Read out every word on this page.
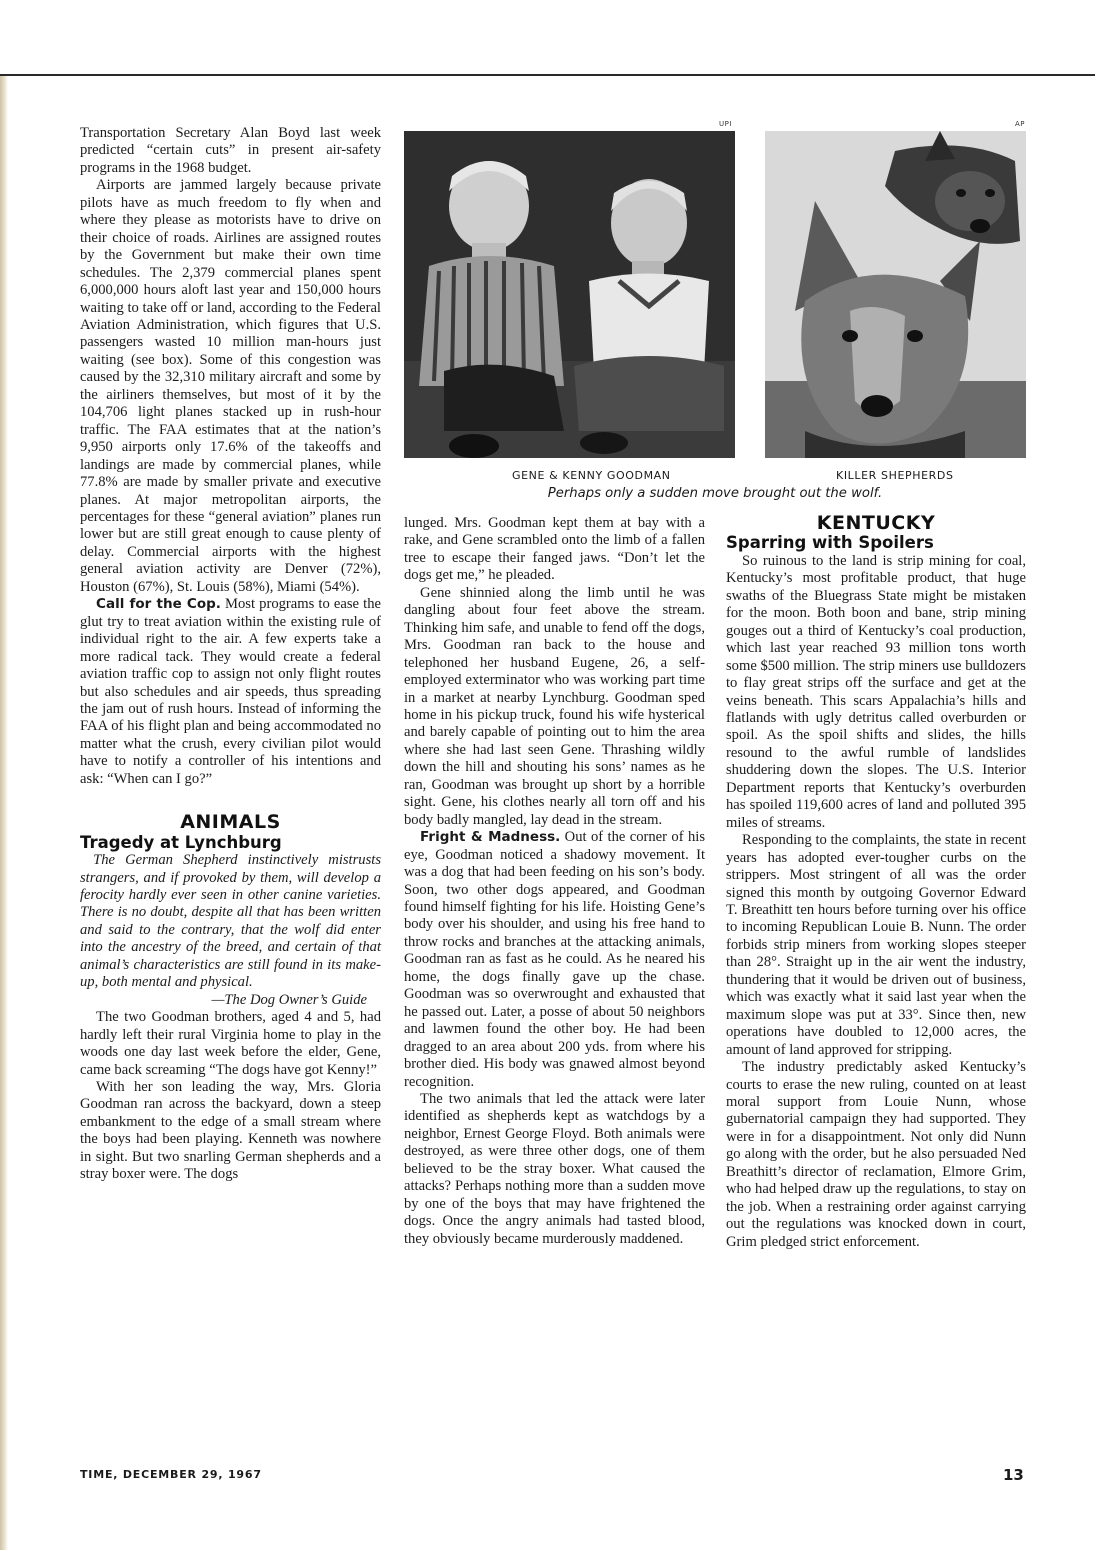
Transportation Secretary Alan Boyd last week predicted “certain cuts” in present air-safety programs in the 1968 budget.

Airports are jammed largely because private pilots have as much freedom to fly when and where they please as motorists have to drive on their choice of roads. Airlines are assigned routes by the Government but make their own time schedules. The 2,379 commercial planes spent 6,000,000 hours aloft last year and 150,000 hours waiting to take off or land, according to the Federal Aviation Administration, which figures that U.S. passengers wasted 10 million man-hours just waiting (see box). Some of this congestion was caused by the 32,310 military aircraft and some by the airliners themselves, but most of it by the 104,706 light planes stacked up in rush-hour traffic. The FAA estimates that at the nation’s 9,950 airports only 17.6% of the takeoffs and landings are made by commercial planes, while 77.8% are made by smaller private and executive planes. At major metropolitan airports, the percentages for these “general aviation” planes run lower but are still great enough to cause plenty of delay. Commercial airports with the highest general aviation activity are Denver (72%), Houston (67%), St. Louis (58%), Miami (54%).

Call for the Cop. Most programs to ease the glut try to treat aviation within the existing rule of individual right to the air. A few experts take a more radical tack. They would create a federal aviation traffic cop to assign not only flight routes but also schedules and air speeds, thus spreading the jam out of rush hours. Instead of informing the FAA of his flight plan and being accommodated no matter what the crush, every civilian pilot would have to notify a controller of his intentions and ask: “When can I go?”

ANIMALS
Tragedy at Lynchburg

The German Shepherd instinctively mistrusts strangers, and if provoked by them, will develop a ferocity hardly ever seen in other canine varieties. There is no doubt, despite all that has been written and said to the contrary, that the wolf did enter into the ancestry of the breed, and certain of that animal’s characteristics are still found in its make-up, both mental and physical.

—The Dog Owner’s Guide

The two Goodman brothers, aged 4 and 5, had hardly left their rural Virginia home to play in the woods one day last week before the elder, Gene, came back screaming “The dogs have got Kenny!”

With her son leading the way, Mrs. Gloria Goodman ran across the backyard, down a steep embankment to the edge of a small stream where the boys had been playing. Kenneth was nowhere in sight. But two snarling German shepherds and a stray boxer were. The dogs

UPI	AP
GENE & KENNY GOODMAN	KILLER SHEPHERDS
Perhaps only a sudden move brought out the wolf.

lunged. Mrs. Goodman kept them at bay with a rake, and Gene scrambled onto the limb of a fallen tree to escape their fanged jaws. “Don’t let the dogs get me,” he pleaded.

Gene shinnied along the limb until he was dangling about four feet above the stream. Thinking him safe, and unable to fend off the dogs, Mrs. Goodman ran back to the house and telephoned her husband Eugene, 26, a self-employed exterminator who was working part time in a market at nearby Lynchburg. Goodman sped home in his pickup truck, found his wife hysterical and barely capable of pointing out to him the area where she had last seen Gene. Thrashing wildly down the hill and shouting his sons’ names as he ran, Goodman was brought up short by a horrible sight. Gene, his clothes nearly all torn off and his body badly mangled, lay dead in the stream.

Fright & Madness. Out of the corner of his eye, Goodman noticed a shadowy movement. It was a dog that had been feeding on his son’s body. Soon, two other dogs appeared, and Goodman found himself fighting for his life. Hoisting Gene’s body over his shoulder, and using his free hand to throw rocks and branches at the attacking animals, Goodman ran as fast as he could. As he neared his home, the dogs finally gave up the chase. Goodman was so overwrought and exhausted that he passed out. Later, a posse of about 50 neighbors and lawmen found the other boy. He had been dragged to an area about 200 yds. from where his brother died. His body was gnawed almost beyond recognition.

The two animals that led the attack were later identified as shepherds kept as watchdogs by a neighbor, Ernest George Floyd. Both animals were destroyed, as were three other dogs, one of them believed to be the stray boxer. What caused the attacks? Perhaps nothing more than a sudden move by one of the boys that may have frightened the dogs. Once the angry animals had tasted blood, they obviously became murderously maddened.

KENTUCKY
Sparring with Spoilers

So ruinous to the land is strip mining for coal, Kentucky’s most profitable product, that huge swaths of the Bluegrass State might be mistaken for the moon. Both boon and bane, strip mining gouges out a third of Kentucky’s coal production, which last year reached 93 million tons worth some $500 million. The strip miners use bulldozers to flay great strips off the surface and get at the veins beneath. This scars Appalachia’s hills and flatlands with ugly detritus called overburden or spoil. As the spoil shifts and slides, the hills resound to the awful rumble of landslides shuddering down the slopes. The U.S. Interior Department reports that Kentucky’s overburden has spoiled 119,600 acres of land and polluted 395 miles of streams.

Responding to the complaints, the state in recent years has adopted ever-tougher curbs on the strippers. Most stringent of all was the order signed this month by outgoing Governor Edward T. Breathitt ten hours before turning over his office to incoming Republican Louie B. Nunn. The order forbids strip miners from working slopes steeper than 28°. Straight up in the air went the industry, thundering that it would be driven out of business, which was exactly what it said last year when the maximum slope was put at 33°. Since then, new operations have doubled to 12,000 acres, the amount of land approved for stripping.

The industry predictably asked Kentucky’s courts to erase the new ruling, counted on at least moral support from Louie Nunn, whose gubernatorial campaign they had supported. They were in for a disappointment. Not only did Nunn go along with the order, but he also persuaded Ned Breathitt’s director of reclamation, Elmore Grim, who had helped draw up the regulations, to stay on the job. When a restraining order against carrying out the regulations was knocked down in court, Grim pledged strict enforcement.

TIME, DECEMBER 29, 1967	13
